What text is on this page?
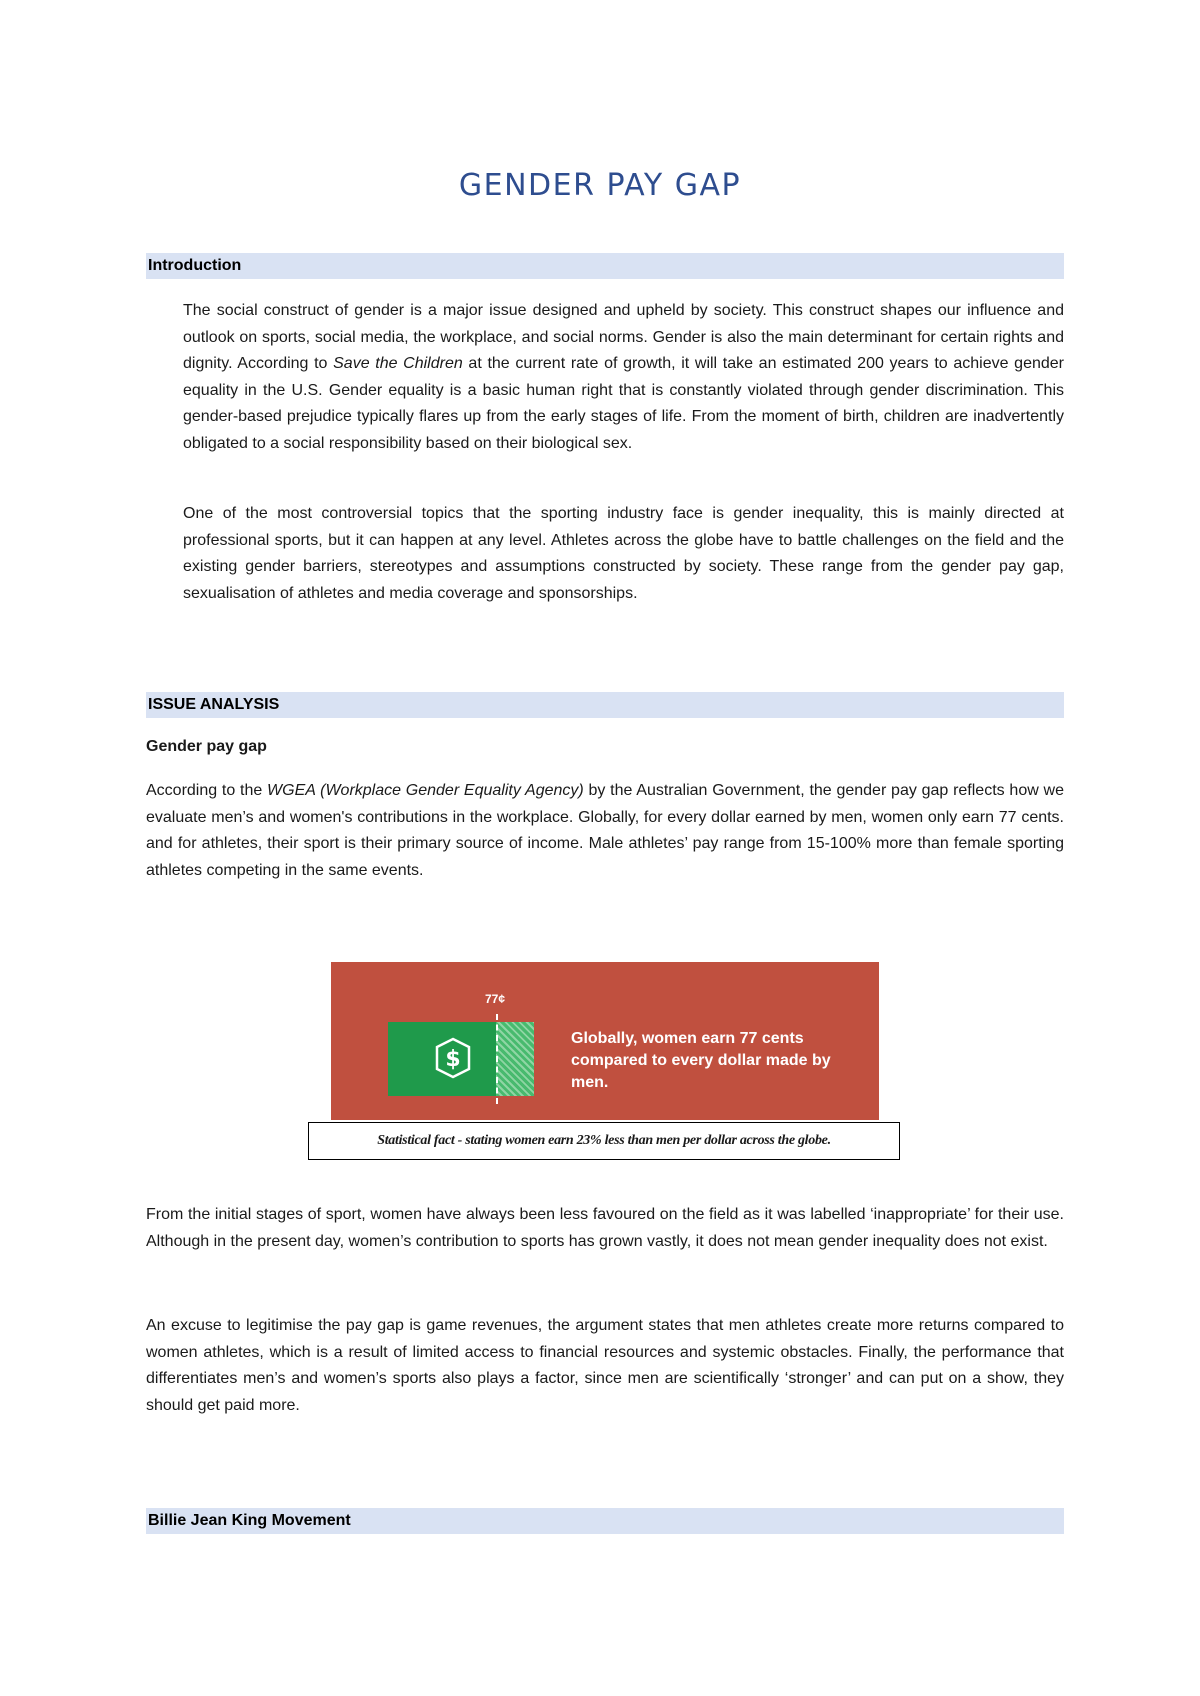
GENDER PAY GAP
Introduction

The social construct of gender is a major issue designed and upheld by society. This construct shapes our influence and outlook on sports, social media, the workplace, and social norms. Gender is also the main determinant for certain rights and dignity. According to Save the Children at the current rate of growth, it will take an estimated 200 years to achieve gender equality in the U.S. Gender equality is a basic human right that is constantly violated through gender discrimination. This gender-based prejudice typically flares up from the early stages of life. From the moment of birth, children are inadvertently obligated to a social responsibility based on their biological sex.

One of the most controversial topics that the sporting industry face is gender inequality, this is mainly directed at professional sports, but it can happen at any level. Athletes across the globe have to battle challenges on the field and the existing gender barriers, stereotypes and assumptions constructed by society. These range from the gender pay gap, sexualisation of athletes and media coverage and sponsorships.

ISSUE ANALYSIS
Gender pay gap

According to the WGEA (Workplace Gender Equality Agency) by the Australian Government, the gender pay gap reflects how we evaluate men’s and women's contributions in the workplace. Globally, for every dollar earned by men, women only earn 77 cents. and for athletes, their sport is their primary source of income. Male athletes’ pay range from 15-100% more than female sporting athletes competing in the same events.

77¢
$
Globally, women earn 77 cents compared to every dollar made by men.
Statistical fact - stating women earn 23% less than men per dollar across the globe.

From the initial stages of sport, women have always been less favoured on the field as it was labelled ‘inappropriate’ for their use. Although in the present day, women’s contribution to sports has grown vastly, it does not mean gender inequality does not exist.

An excuse to legitimise the pay gap is game revenues, the argument states that men athletes create more returns compared to women athletes, which is a result of limited access to financial resources and systemic obstacles. Finally, the performance that differentiates men’s and women’s sports also plays a factor, since men are scientifically ‘stronger’ and can put on a show, they should get paid more.

Billie Jean King Movement
